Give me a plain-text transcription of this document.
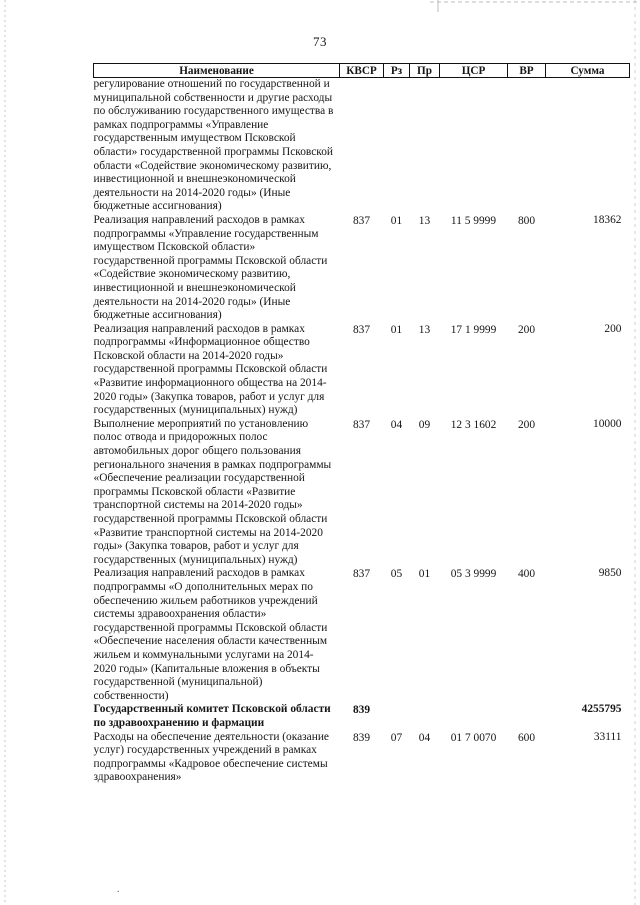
73
Наименование	КВСР	Рз	Пр	ЦСР	ВР	Сумма
регулирование отношений по государственной и муниципальной собственности и другие расходы по обслуживанию государственного имущества в рамках подпрограммы «Управление государственным имуществом Псковской области» государственной программы Псковской области «Содействие экономическому развитию, инвестиционной и внешнеэкономической деятельности на 2014-2020 годы» (Иные бюджетные ассигнования)						
Реализация направлений расходов в рамках подпрограммы «Управление государственным имуществом Псковской области» государственной программы Псковской области «Содействие экономическому развитию, инвестиционной и внешнеэкономической деятельности на 2014-2020 годы» (Иные бюджетные ассигнования)	837	01	13	11 5 9999	800	18362
Реализация направлений расходов в рамках подпрограммы «Информационное общество Псковской области на 2014-2020 годы» государственной программы Псковской области «Развитие информационного общества на 2014-2020 годы» (Закупка товаров, работ и услуг для государственных (муниципальных) нужд)	837	01	13	17 1 9999	200	200
Выполнение мероприятий по установлению полос отвода и придорожных полос автомобильных дорог общего пользования регионального значения в рамках подпрограммы «Обеспечение реализации государственной программы Псковской области «Развитие транспортной системы на 2014-2020 годы» государственной программы Псковской области «Развитие транспортной системы на 2014-2020 годы» (Закупка товаров, работ и услуг для государственных (муниципальных) нужд)	837	04	09	12 3 1602	200	10000
Реализация направлений расходов в рамках подпрограммы «О дополнительных мерах по обеспечению жильем работников учреждений системы здравоохранения области» государственной программы Псковской области «Обеспечение населения области качественным жильем и коммунальными услугами на 2014-2020 годы» (Капитальные вложения в объекты государственной (муниципальной) собственности)	837	05	01	05 3 9999	400	9850
Государственный комитет Псковской области по здравоохранению и фармации	839					4255795
Расходы на обеспечение деятельности (оказание услуг) государственных учреждений в рамках подпрограммы «Кадровое обеспечение системы здравоохранения»	839	07	04	01 7 0070	600	33111
.
